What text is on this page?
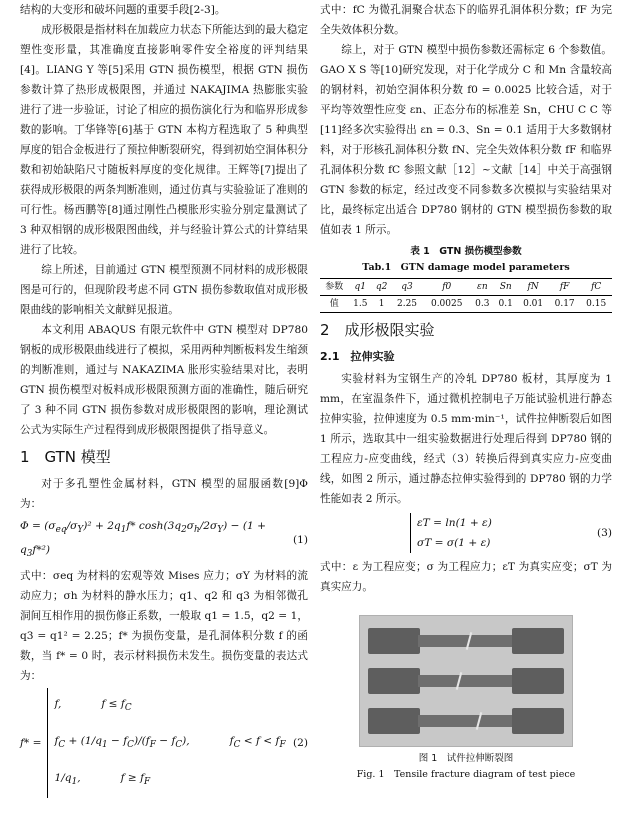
结构的大变形和破坏问题的重要手段[2-3]。

成形极限是指材料在加载应力状态下所能达到的最大稳定塑性变形量，其准确度直接影响零件安全裕度的评判结果[4]。LIANG Y 等[5]采用 GTN 损伤模型，根据 GTN 损伤参数计算了热形成极限图，并通过 NAKAJIMA 热膨胀实验进行了进一步验证，讨论了相应的损伤演化行为和临界形成参数的影响。丁华锋等[6]基于 GTN 本构方程选取了 5 种典型厚度的铝合金板进行了预拉伸断裂研究，得到初始空洞体积分数和初始缺陷尺寸随板料厚度的变化规律。王辉等[7]提出了获得成形极限的两条判断准则，通过仿真与实验验证了准则的可行性。杨西鹏等[8]通过刚性凸模胀形实验分别定量测试了 3 种双相钢的成形极限图曲线，并与经验计算公式的计算结果进行了比较。

综上所述，目前通过 GTN 模型预测不同材料的成形极限图是可行的，但现阶段考虑不同 GTN 损伤参数取值对成形极限曲线的影响相关文献鲜见报道。

本文利用 ABAQUS 有限元软件中 GTN 模型对 DP780 钢板的成形极限曲线进行了模拟，采用两种判断板料发生缩颈的判断准则，通过与 NAKAZIMA 胀形实验结果对比，表明 GTN 损伤模型对板料成形极限预测方面的准确性，随后研究了 3 种不同 GTN 损伤参数对成形极限图的影响，理论测试公式为实际生产过程得到成形极限图提供了指导意义。

1　GTN 模型

对于多孔塑性金属材料，GTN 模型的屈服函数[9]Φ 为：

$\Phi = (\sigma_{eq}/\sigma_Y)^2 + 2q_1f*$ $\cosh(3q_2\sigma_h/2\sigma_Y) - (1 + q_3f*^2)$
(1)

式中：σeq 为材料的宏观等效 Mises 应力；σY 为材料的流动应力；σh 为材料的静水压力；q1、q2 和 q3 为相邻微孔洞间互相作用的损伤修正系数，一般取 q1 = 1.5，q2 = 1，q3 = q1² = 2.25；f* 为损伤变量，是孔洞体积分数 f 的函数，当 f* = 0 时，表示材料损伤未发生。损伤变量的表达式为：

f* =
f,	$f \le f_C$
$f_C + (1/q_1 - f_C)/(f_F - f_C)$,	$f_C < f < f_F$
$1/q_1$,	$f \ge f_F$
(2)

式中：fC 为微孔洞聚合状态下的临界孔洞体积分数；fF 为完全失效体积分数。

综上，对于 GTN 模型中损伤参数还需标定 6 个参数值。GAO X S 等[10]研究发现，对于化学成分 C 和 Mn 含量较高的钢材料，初始空洞体积分数 f0 = 0.0025 比较合适，对于平均等效塑性应变 εn、正态分布的标准差 Sn，CHU C C 等[11]经多次实验得出 εn = 0.3、Sn = 0.1 适用于大多数钢材料，对于形核孔洞体积分数 fN、完全失效体积分数 fF 和临界孔洞体积分数 fC 参照文献［12］~文献［14］中关于高强钢 GTN 参数的标定，经过改变不同参数多次模拟与实验结果对比，最终标定出适合 DP780 钢材的 GTN 模型损伤参数的取值如表 1 所示。

表 1　GTN 损伤模型参数
Tab.1　GTN damage model parameters
参数	q1	q2	q3	f0	εn	Sn	fN	fF	fC
值	1.5	1	2.25	0.0025	0.3	0.1	0.01	0.17	0.15
2　成形极限实验
2.1　拉伸实验

实验材料为宝钢生产的冷轧 DP780 板材，其厚度为 1 mm，在室温条件下，通过微机控制电子万能试验机进行静态拉伸实验，拉伸速度为 0.5 mm·min⁻¹，试件拉伸断裂后如图 1 所示，选取其中一组实验数据进行处理后得到 DP780 钢的工程应力-应变曲线，经式（3）转换后得到真实应力-应变曲线，如图 2 所示，通过静态拉伸实验得到的 DP780 钢的力学性能如表 2 所示。

εT = ln(1 + ε)
σT = σ(1 + ε)
(3)

式中：ε 为工程应变；σ 为工程应力；εT 为真实应变；σT 为真实应力。

图 1　试件拉伸断裂图
Fig. 1　Tensile fracture diagram of test piece
